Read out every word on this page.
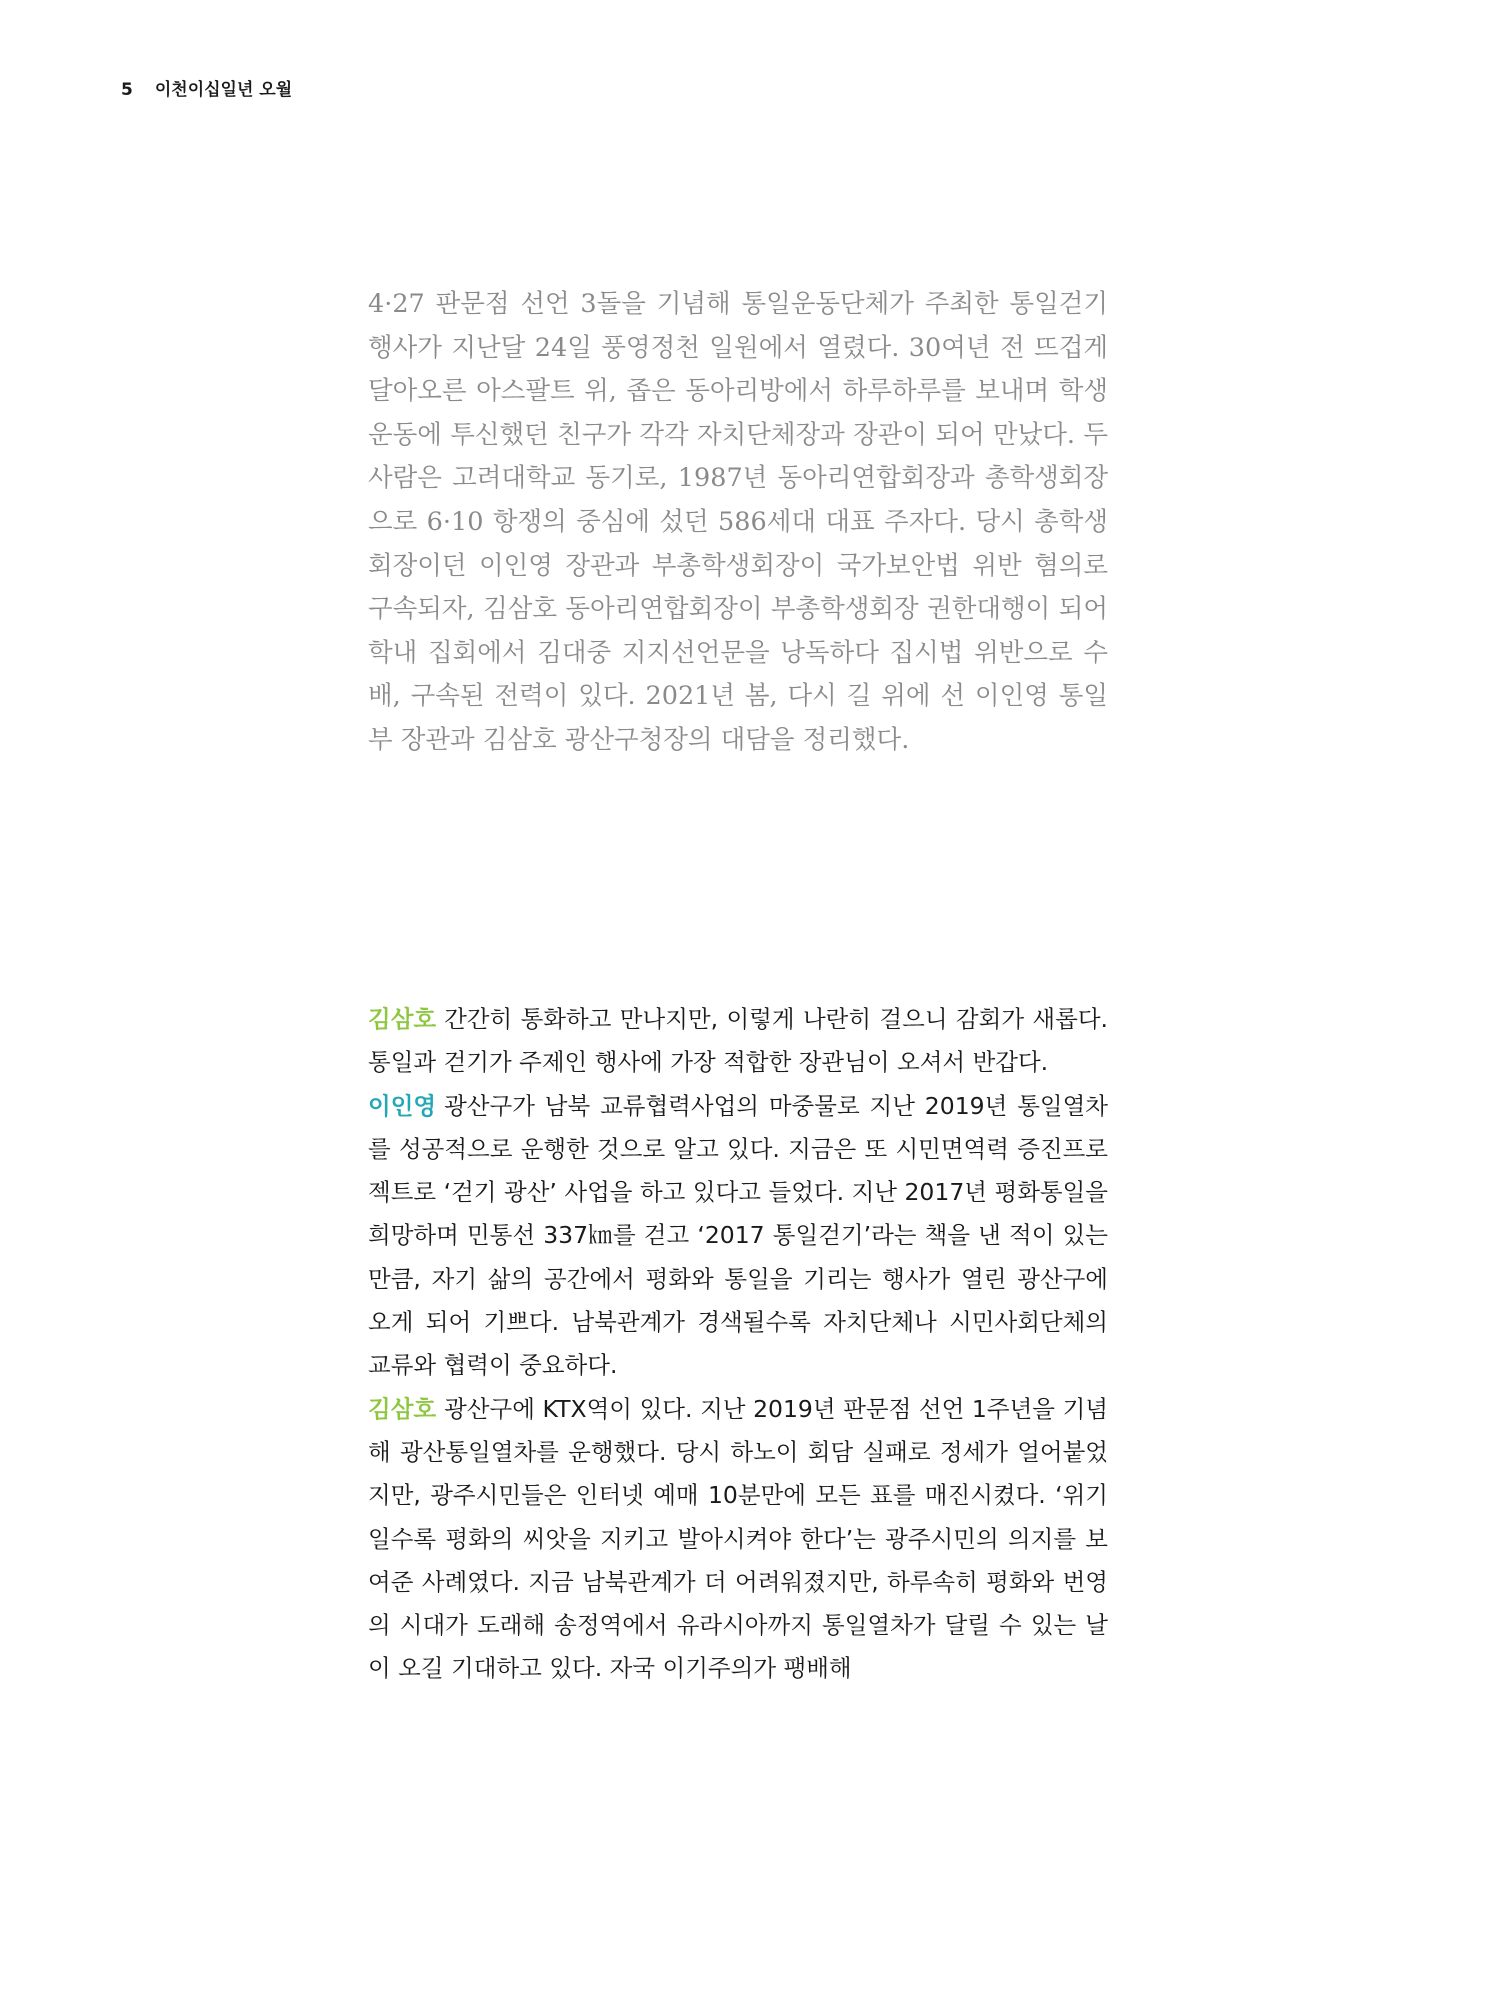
5 이천이십일년 오월

4·27 판문점 선언 3돌을 기념해 통일운동단체가 주최한 통일걷기 행사가 지난달 24일 풍영정천 일원에서 열렸다. 30여년 전 뜨겁게 달아오른 아스팔트 위, 좁은 동아리방에서 하루하루를 보내며 학생운동에 투신했던 친구가 각각 자치단체장과 장관이 되어 만났다. 두 사람은 고려대학교 동기로, 1987년 동아리연합회장과 총학생회장으로 6·10 항쟁의 중심에 섰던 586세대 대표 주자다. 당시 총학생회장이던 이인영 장관과 부총학생회장이 국가보안법 위반 혐의로 구속되자, 김삼호 동아리연합회장이 부총학생회장 권한대행이 되어 학내 집회에서 김대중 지지선언문을 낭독하다 집시법 위반으로 수배, 구속된 전력이 있다. 2021년 봄, 다시 길 위에 선 이인영 통일부 장관과 김삼호 광산구청장의 대담을 정리했다.

김삼호 간간히 통화하고 만나지만, 이렇게 나란히 걸으니 감회가 새롭다. 통일과 걷기가 주제인 행사에 가장 적합한 장관님이 오셔서 반갑다.

이인영 광산구가 남북 교류협력사업의 마중물로 지난 2019년 통일열차를 성공적으로 운행한 것으로 알고 있다. 지금은 또 시민면역력 증진프로젝트로 ‘걷기 광산’ 사업을 하고 있다고 들었다. 지난 2017년 평화통일을 희망하며 민통선 337㎞를 걷고 ‘2017 통일걷기’라는 책을 낸 적이 있는 만큼, 자기 삶의 공간에서 평화와 통일을 기리는 행사가 열린 광산구에 오게 되어 기쁘다. 남북관계가 경색될수록 자치단체나 시민사회단체의 교류와 협력이 중요하다.

김삼호 광산구에 KTX역이 있다. 지난 2019년 판문점 선언 1주년을 기념해 광산통일열차를 운행했다. 당시 하노이 회담 실패로 정세가 얼어붙었지만, 광주시민들은 인터넷 예매 10분만에 모든 표를 매진시켰다. ‘위기일수록 평화의 씨앗을 지키고 발아시켜야 한다’는 광주시민의 의지를 보여준 사례였다. 지금 남북관계가 더 어려워졌지만, 하루속히 평화와 번영의 시대가 도래해 송정역에서 유라시아까지 통일열차가 달릴 수 있는 날이 오길 기대하고 있다. 자국 이기주의가 팽배해
